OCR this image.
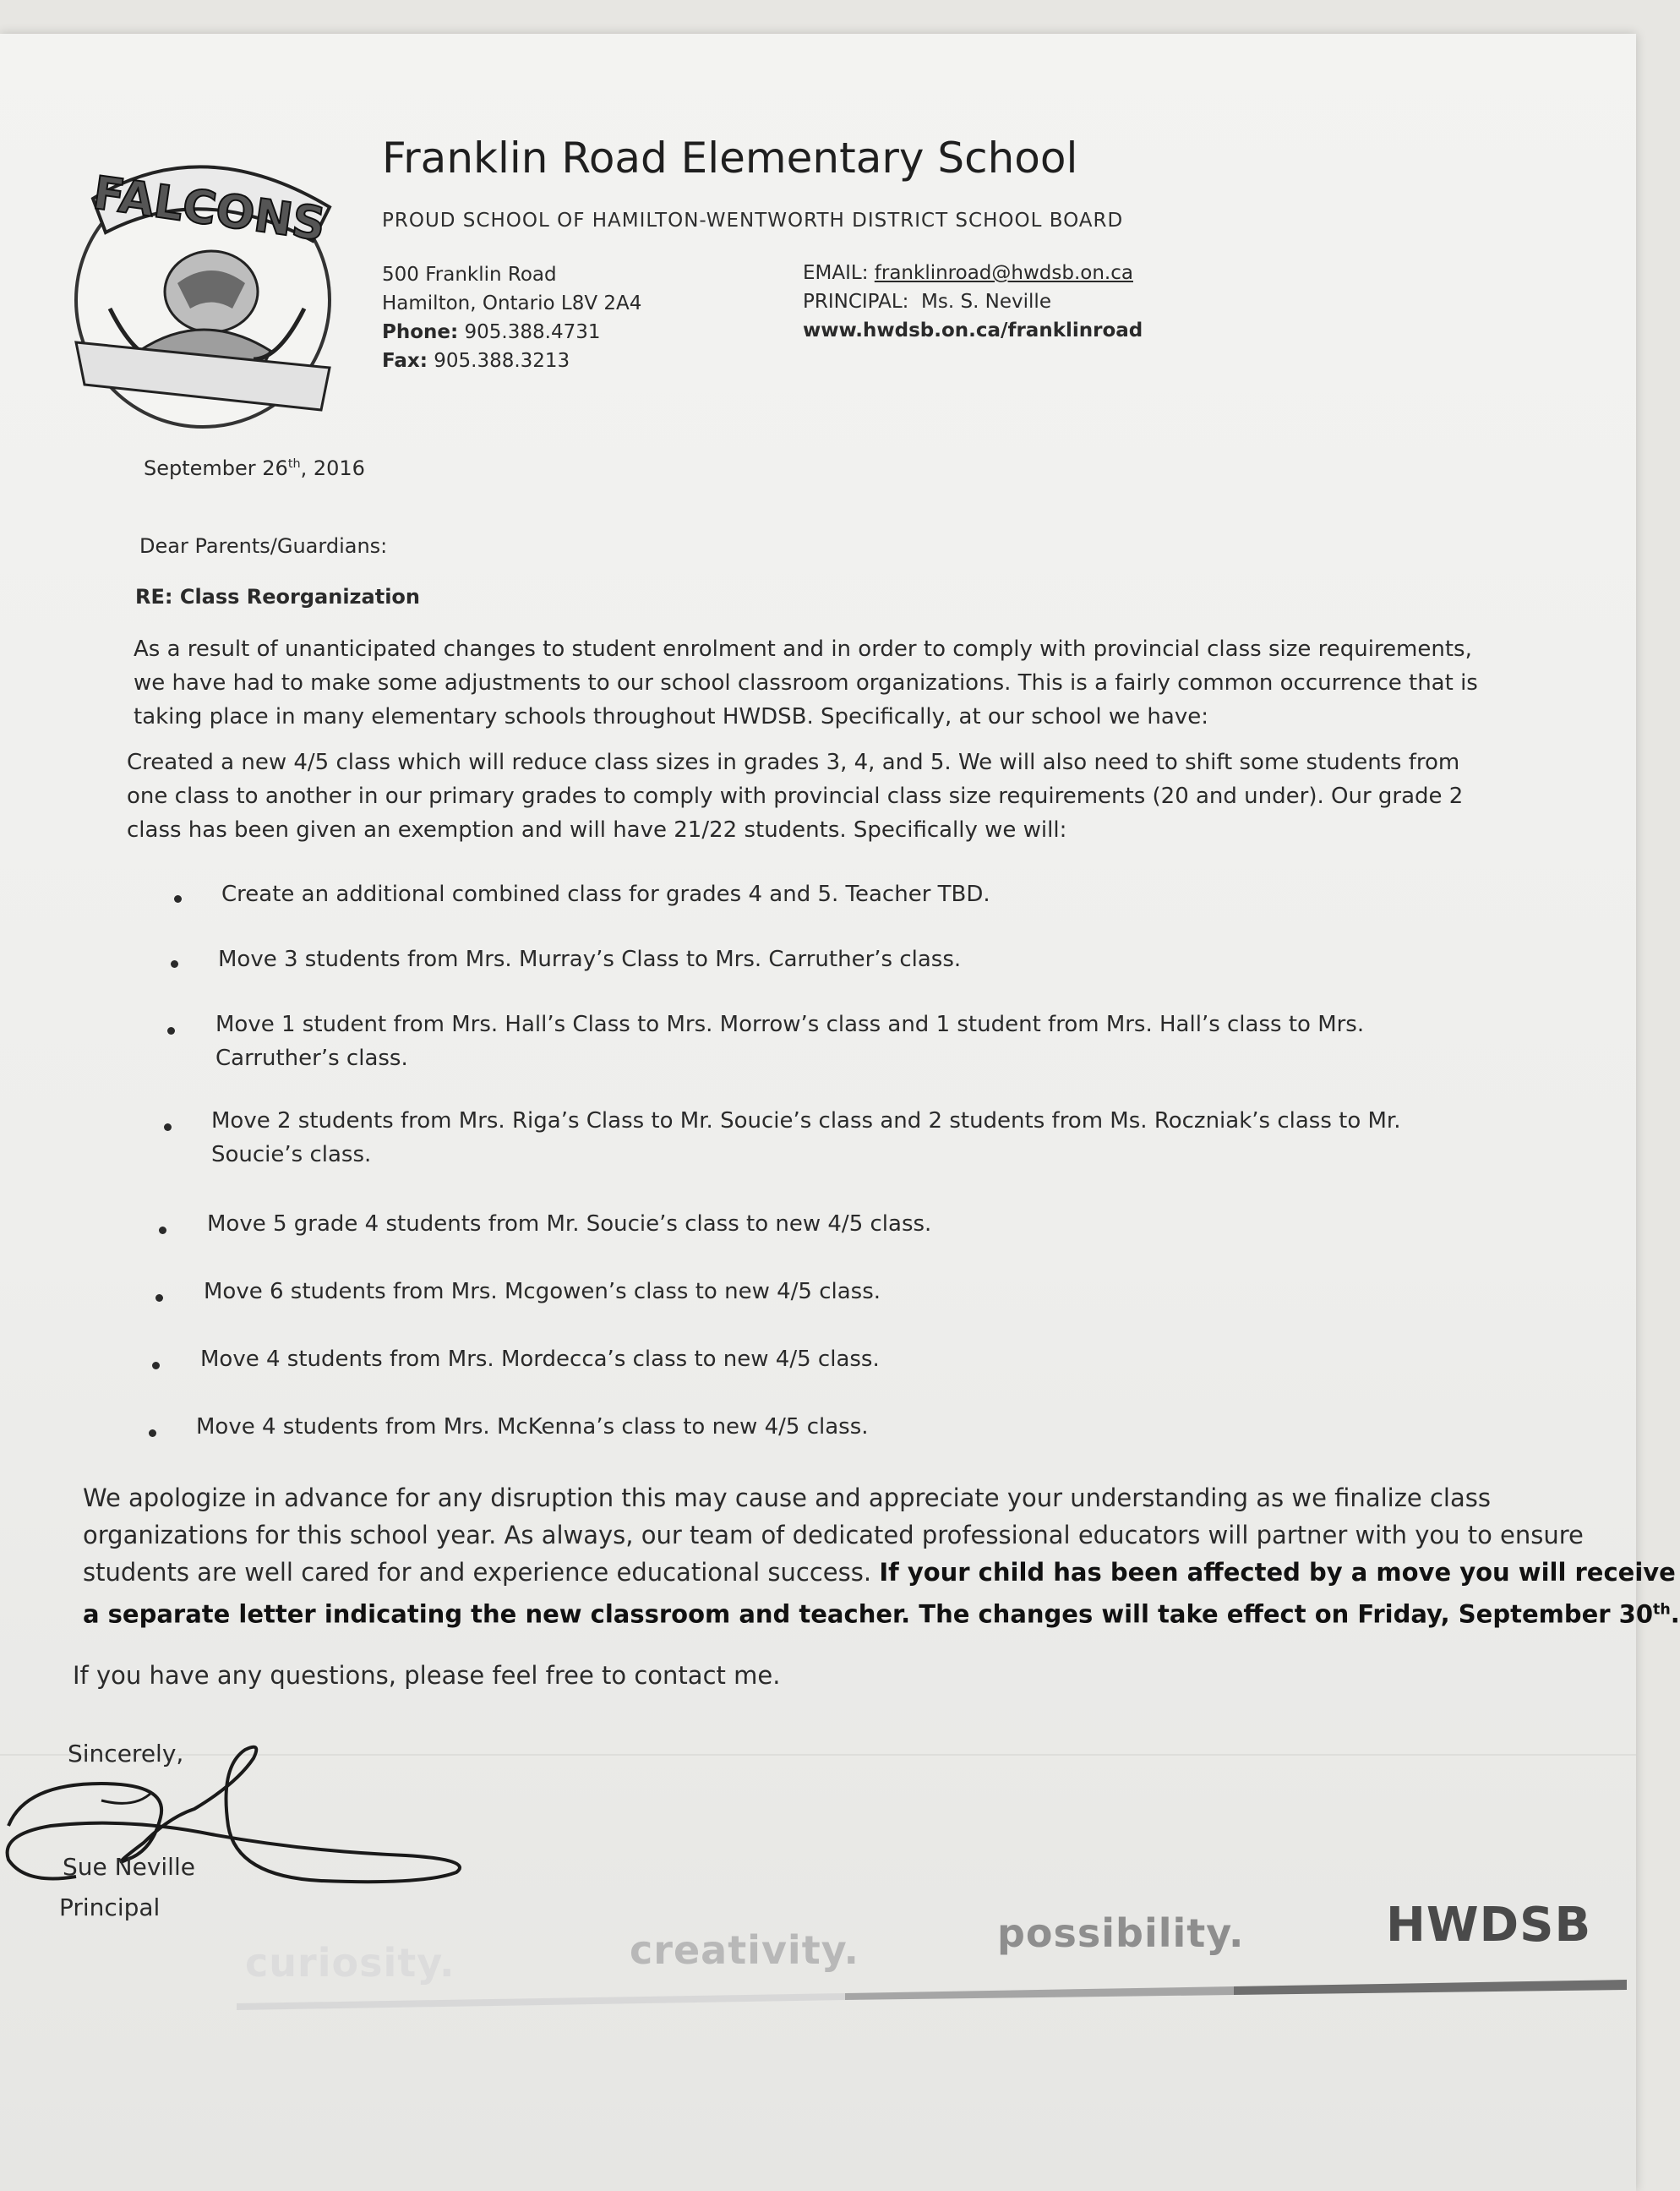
FALCONS
Franklin Road Elementary School
PROUD SCHOOL OF HAMILTON-WENTWORTH DISTRICT SCHOOL BOARD
500 Franklin Road
Hamilton, Ontario L8V 2A4
Phone: 905.388.4731
Fax: 905.388.3213
EMAIL: franklinroad@hwdsb.on.ca
PRINCIPAL: Ms. S. Neville
www.hwdsb.on.ca/franklinroad
September 26th, 2016
Dear Parents/Guardians:
RE: Class Reorganization
As a result of unanticipated changes to student enrolment and in order to comply with provincial class size requirements,
we have had to make some adjustments to our school classroom organizations. This is a fairly common occurrence that is
taking place in many elementary schools throughout HWDSB. Specifically, at our school we have:
Created a new 4/5 class which will reduce class sizes in grades 3, 4, and 5. We will also need to shift some students from
one class to another in our primary grades to comply with provincial class size requirements (20 and under). Our grade 2
class has been given an exemption and will have 21/22 students. Specifically we will:
Create an additional combined class for grades 4 and 5. Teacher TBD.
Move 3 students from Mrs. Murray’s Class to Mrs. Carruther’s class.
Move 1 student from Mrs. Hall’s Class to Mrs. Morrow’s class and 1 student from Mrs. Hall’s class to Mrs.
Carruther’s class.
Move 2 students from Mrs. Riga’s Class to Mr. Soucie’s class and 2 students from Ms. Roczniak’s class to Mr.
Soucie’s class.
Move 5 grade 4 students from Mr. Soucie’s class to new 4/5 class.
Move 6 students from Mrs. Mcgowen’s class to new 4/5 class.
Move 4 students from Mrs. Mordecca’s class to new 4/5 class.
Move 4 students from Mrs. McKenna’s class to new 4/5 class.
We apologize in advance for any disruption this may cause and appreciate your understanding as we finalize class
organizations for this school year. As always, our team of dedicated professional educators will partner with you to ensure
students are well cared for and experience educational success. If your child has been affected by a move you will receive
a separate letter indicating the new classroom and teacher. The changes will take effect on Friday, September 30th.
If you have any questions, please feel free to contact me.
Sincerely,
Sue Neville
Principal
curiosity.	creativity.	possibility.	HWDSB
